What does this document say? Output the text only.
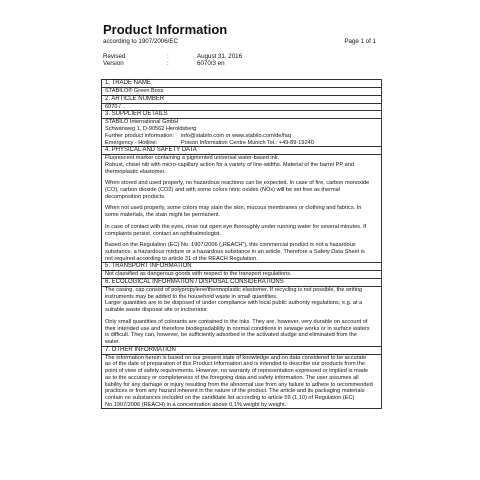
Product Information
according to 1907/2006/EC	Page 1 of 1
Revised	:	August 31, 2016
Version	:	6070/3 en
1. TRADE NAME
STABILO® Green Boss
2. ARTICLE NUMBER
6070 / ..
3. SUPPLIER DETAILS
STABILO International GmbH
Schwanweg 1, D-90562 Heroldsberg
Further product information: info@stabilo.com or www.stabilo.com/de/faq
Emergency - Hotline:	Poison Information Centre Munich Tel.: +49-89-19240
4. PHYSICAL AND SAFETY DATA
Fluorescent marker containing a pigmented universal water-based ink.
Robust, chisel nib with micro-capillary action for a variety of line-widths. Material of the barrel PP and
thermoplastic elastomer.
When stored and used properly, no hazardous reactions can be expected. In case of fire, carbon monoxide
(CO), carbon dioxide (CO2) and with some colors nitric oxides (NOx) will be set free as thermal
decomposition products.
When not used properly, some colors may stain the skin, mucous membranes or clothing and fabrics. In
some materials, the stain might be permanent.
In case of contact with the eyes, rinse out open eye thoroughly under running water for several minutes. If
complaints persist, contact an ophthalmologist.
Based on the Regulation (EC) No. 1907/2006 („REACH“), this commercial product is not a hazardous
substance, a hazardous mixture or a hazardous substance in an article. Therefore a Safety Data Sheet is
not required according to article 31 of the REACH Regulation.
5. TRANSPORT INFORMATION
Not classified as dangerous goods with respect to the transport regulations.
6. ECOLOGICAL INFORMATION / DISPOSAL CONSIDERATIONS
The casing, cap consist of polypropylene/thermoplastic elastomer. If recycling is not possible, the writing
instruments may be added to the household waste in small quantities.
Larger quantities are to be disposed of under compliance with local public authority regulations, e.g. at a
suitable waste disposal site or incinerator.
Only small quantities of colorants are contained in the inks. They are, however, very durable on account of
their intended use and therefore biodegradability in normal conditions in sewage works or in surface waters
is difficult. They can, however, be sufficiently adsorbed in the activated sludge and eliminated from the
water.
7. OTHER INFORMATION
The information herein is based on our present state of knowledge and on data considered to be accurate
as of the date of preparation of this Product Information and is intended to describe our products from the
point of view of safety requirements. However, no warranty of representation expressed or implied is made
as to the accuracy or completeness of the foregoing data and safety information. The user assumes all
liability for any damage or injury resulting from the abnormal use from any failure to adhere to recommended
practices or from any hazard inherent in the nature of the product. The article and its packaging materials
contain no substances included on the candidate list according to article 59 (1,10) of Regulation (EC)
No.1907/2006 (REACH) in a concentration above 0,1% weight by weight.
